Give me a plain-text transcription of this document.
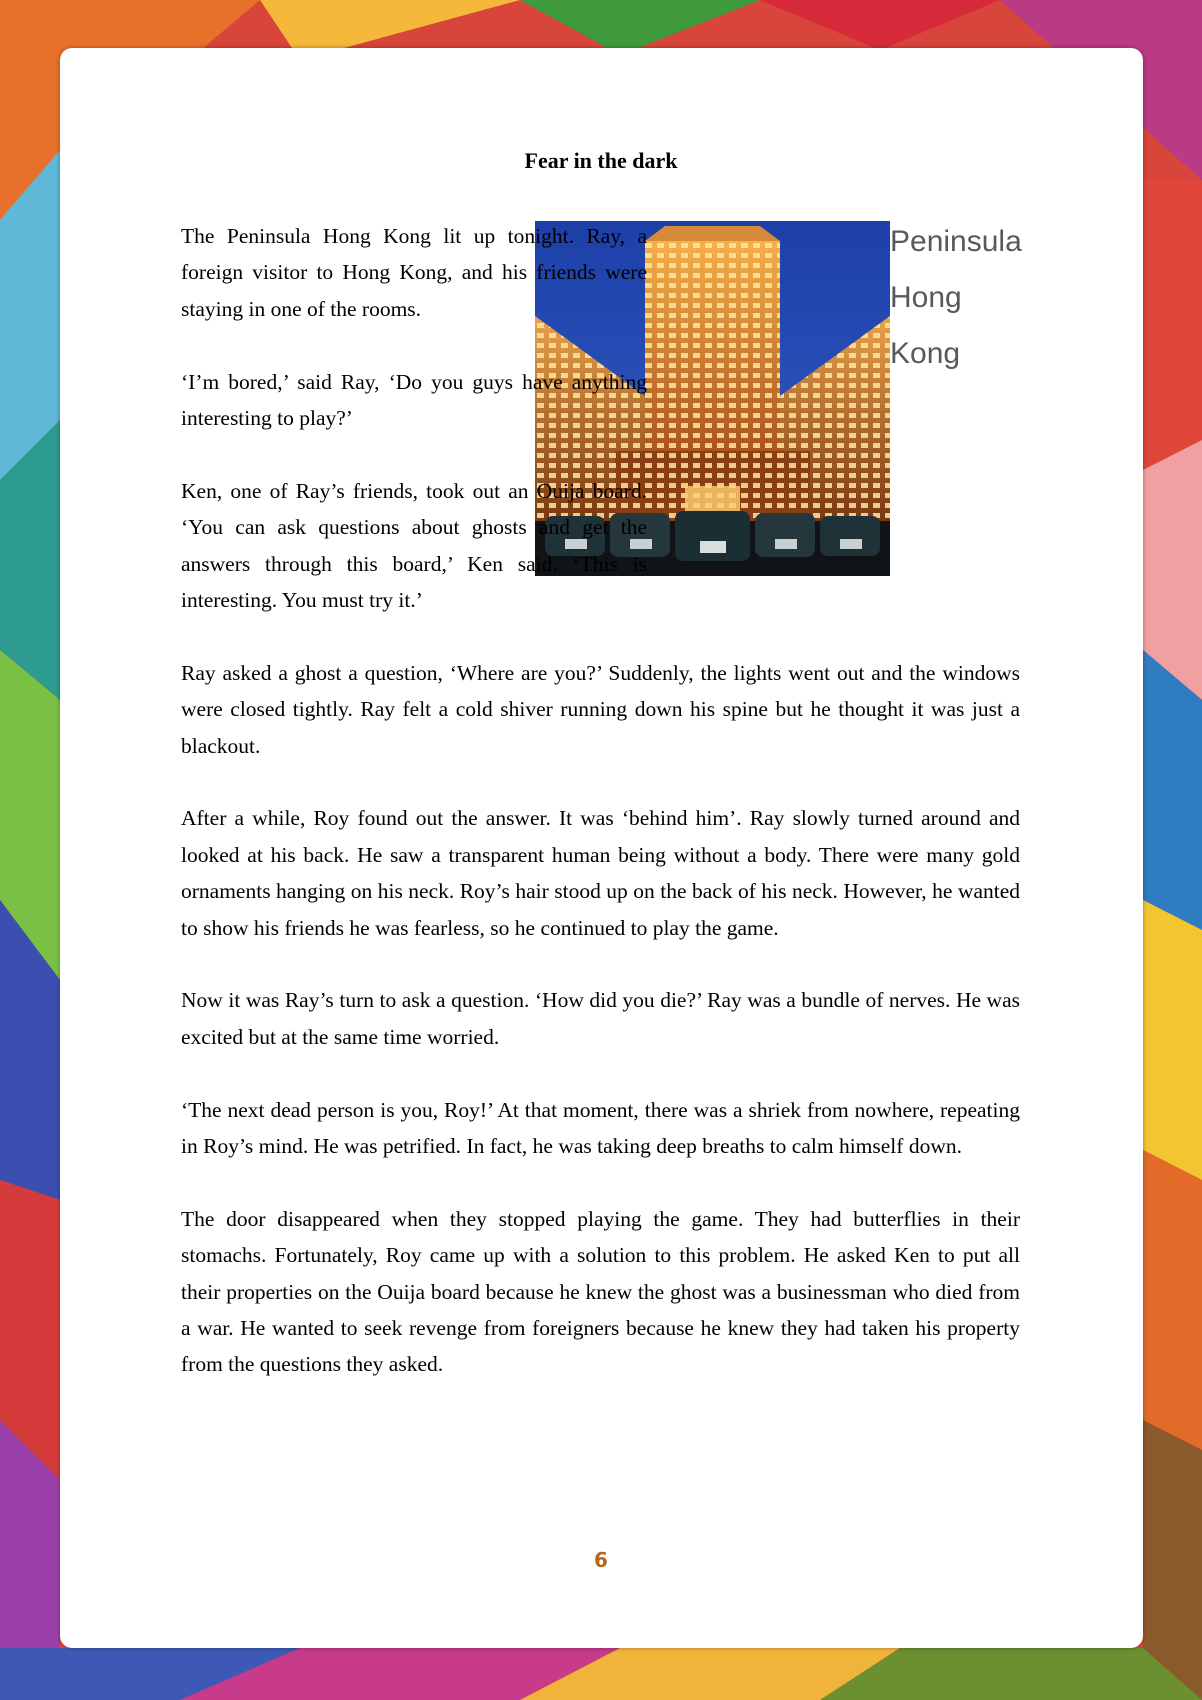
Fear in the dark
Peninsula
Hong
Kong

The Peninsula Hong Kong lit up tonight. Ray, a foreign visitor to Hong Kong, and his friends were staying in one of the rooms.

‘I’m bored,’ said Ray, ‘Do you guys have anything interesting to play?’

Ken, one of Ray’s friends, took out an Ouija board. ‘You can ask questions about ghosts and get the answers through this board,’ Ken said. ‘This is interesting. You must try it.’

Ray asked a ghost a question, ‘Where are you?’ Suddenly, the lights went out and the windows were closed tightly. Ray felt a cold shiver running down his spine but he thought it was just a blackout.

After a while, Roy found out the answer. It was ‘behind him’. Ray slowly turned around and looked at his back. He saw a transparent human being without a body. There were many gold ornaments hanging on his neck. Roy’s hair stood up on the back of his neck. However, he wanted to show his friends he was fearless, so he continued to play the game.

Now it was Ray’s turn to ask a question. ‘How did you die?’ Ray was a bundle of nerves. He was excited but at the same time worried.

‘The next dead person is you, Roy!’ At that moment, there was a shriek from nowhere, repeating in Roy’s mind. He was petrified. In fact, he was taking deep breaths to calm himself down.

The door disappeared when they stopped playing the game. They had butterflies in their stomachs. Fortunately, Roy came up with a solution to this problem. He asked Ken to put all their properties on the Ouija board because he knew the ghost was a businessman who died from a war. He wanted to seek revenge from foreigners because he knew they had taken his property from the questions they asked.

6
